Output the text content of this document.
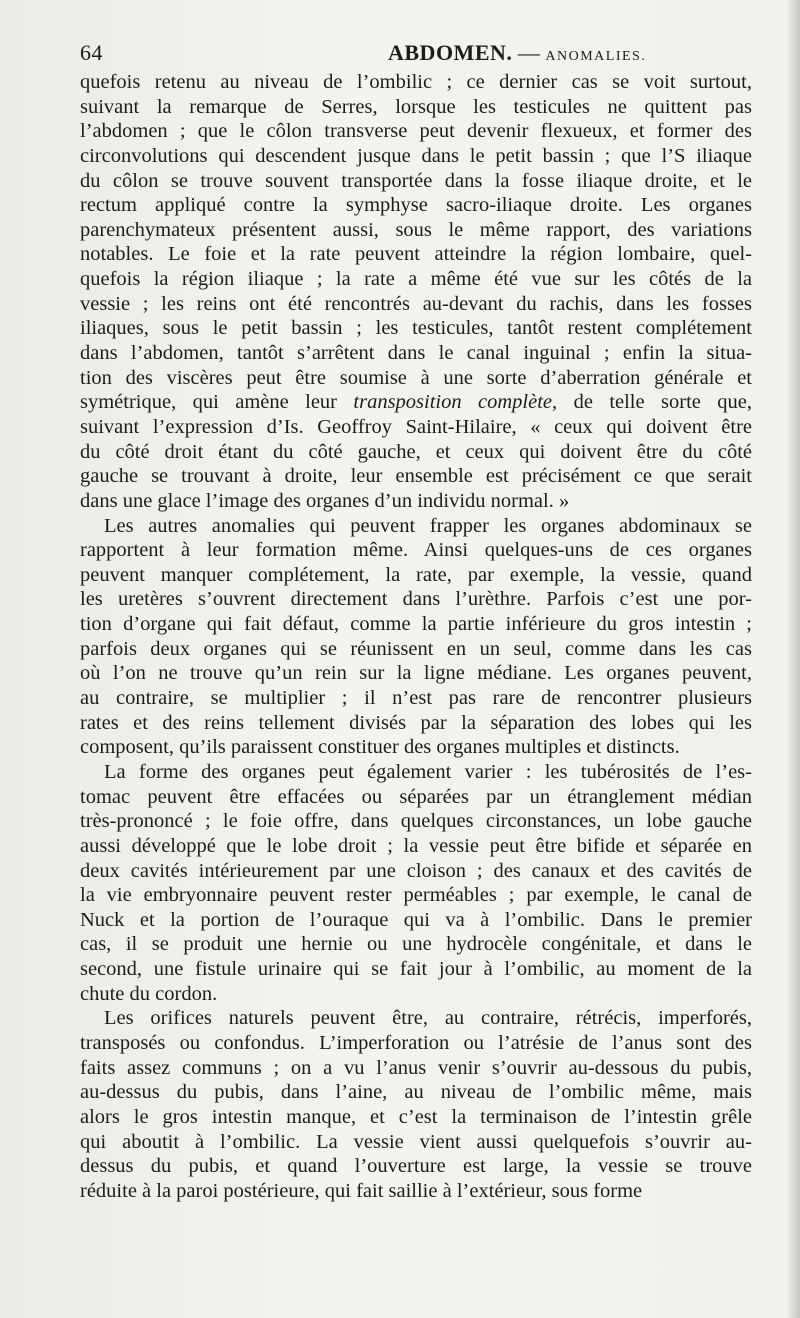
64	ABDOMEN. — ANOMALIES.
quefois retenu au niveau de l’ombilic ; ce dernier cas se voit surtout,
suivant la remarque de Serres, lorsque les testicules ne quittent pas
l’abdomen ; que le côlon transverse peut devenir flexueux, et former des
circonvolutions qui descendent jusque dans le petit bassin ; que l’S iliaque
du côlon se trouve souvent transportée dans la fosse iliaque droite, et le
rectum appliqué contre la symphyse sacro-iliaque droite. Les organes
parenchymateux présentent aussi, sous le même rapport, des variations
notables. Le foie et la rate peuvent atteindre la région lombaire, quel-
quefois la région iliaque ; la rate a même été vue sur les côtés de la
vessie ; les reins ont été rencontrés au-devant du rachis, dans les fosses
iliaques, sous le petit bassin ; les testicules, tantôt restent complétement
dans l’abdomen, tantôt s’arrêtent dans le canal inguinal ; enfin la situa-
tion des viscères peut être soumise à une sorte d’aberration générale et
symétrique, qui amène leur transposition complète, de telle sorte que,
suivant l’expression d’Is. Geoffroy Saint-Hilaire, « ceux qui doivent être
du côté droit étant du côté gauche, et ceux qui doivent être du côté
gauche se trouvant à droite, leur ensemble est précisément ce que serait
dans une glace l’image des organes d’un individu normal. »
Les autres anomalies qui peuvent frapper les organes abdominaux se
rapportent à leur formation même. Ainsi quelques-uns de ces organes
peuvent manquer complétement, la rate, par exemple, la vessie, quand
les uretères s’ouvrent directement dans l’urèthre. Parfois c’est une por-
tion d’organe qui fait défaut, comme la partie inférieure du gros intestin ;
parfois deux organes qui se réunissent en un seul, comme dans les cas
où l’on ne trouve qu’un rein sur la ligne médiane. Les organes peuvent,
au contraire, se multiplier ; il n’est pas rare de rencontrer plusieurs
rates et des reins tellement divisés par la séparation des lobes qui les
composent, qu’ils paraissent constituer des organes multiples et distincts.
La forme des organes peut également varier : les tubérosités de l’es-
tomac peuvent être effacées ou séparées par un étranglement médian
très-prononcé ; le foie offre, dans quelques circonstances, un lobe gauche
aussi développé que le lobe droit ; la vessie peut être bifide et séparée en
deux cavités intérieurement par une cloison ; des canaux et des cavités de
la vie embryonnaire peuvent rester perméables ; par exemple, le canal de
Nuck et la portion de l’ouraque qui va à l’ombilic. Dans le premier
cas, il se produit une hernie ou une hydrocèle congénitale, et dans le
second, une fistule urinaire qui se fait jour à l’ombilic, au moment de la
chute du cordon.
Les orifices naturels peuvent être, au contraire, rétrécis, imperforés,
transposés ou confondus. L’imperforation ou l’atrésie de l’anus sont des
faits assez communs ; on a vu l’anus venir s’ouvrir au-dessous du pubis,
au-dessus du pubis, dans l’aine, au niveau de l’ombilic même, mais
alors le gros intestin manque, et c’est la terminaison de l’intestin grêle
qui aboutit à l’ombilic. La vessie vient aussi quelquefois s’ouvrir au-
dessus du pubis, et quand l’ouverture est large, la vessie se trouve
réduite à la paroi postérieure, qui fait saillie à l’extérieur, sous forme
